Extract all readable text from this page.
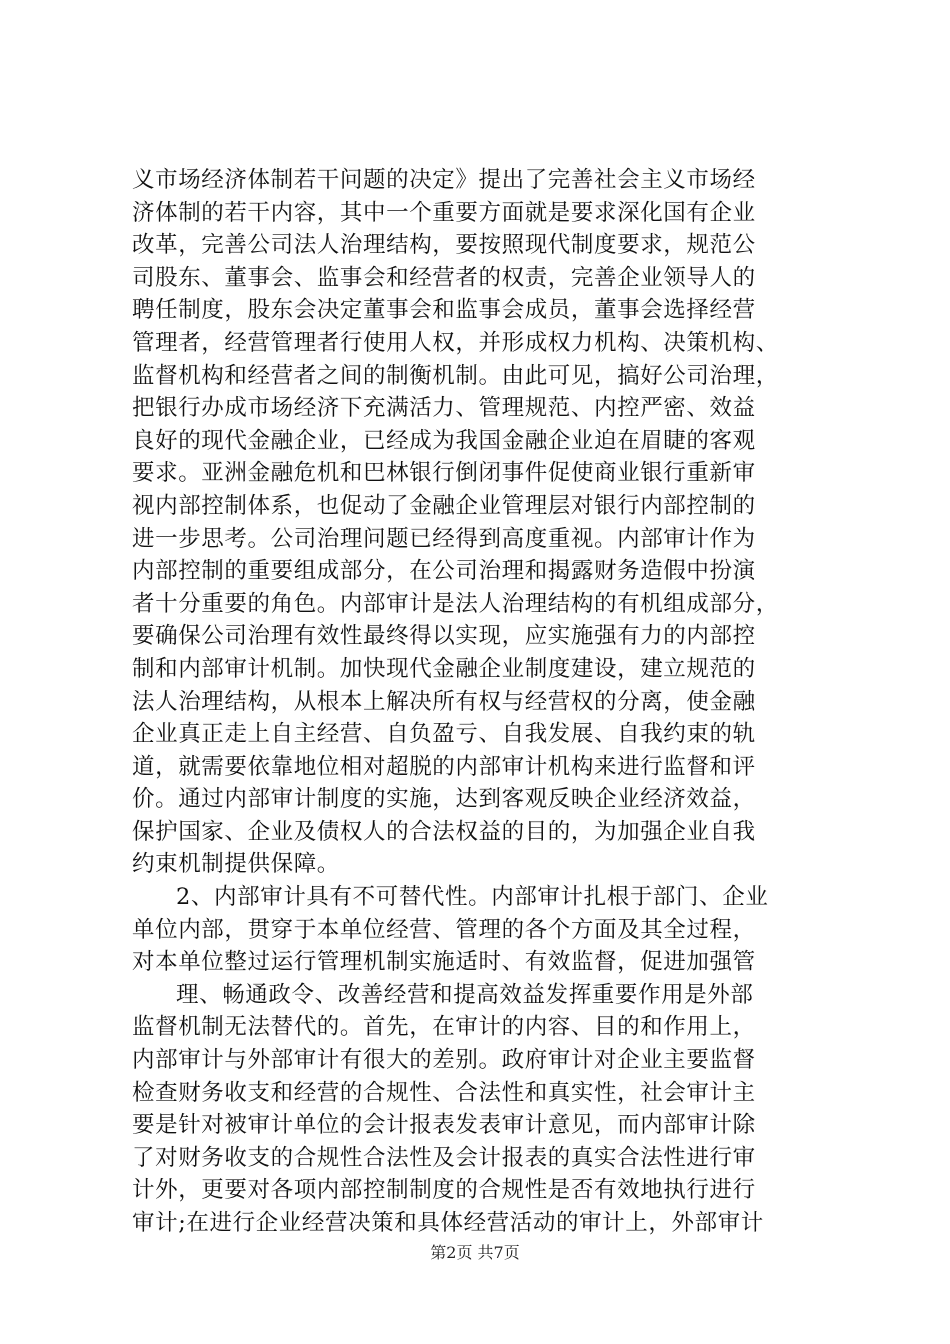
义市场经济体制若干问题的决定》提出了完善社会主义市场经
济体制的若干内容，其中一个重要方面就是要求深化国有企业
改革，完善公司法人治理结构，要按照现代制度要求，规范公
司股东、董事会、监事会和经营者的权责，完善企业领导人的
聘任制度，股东会决定董事会和监事会成员，董事会选择经营
管理者，经营管理者行使用人权，并形成权力机构、决策机构、
监督机构和经营者之间的制衡机制。由此可见，搞好公司治理，
把银行办成市场经济下充满活力、管理规范、内控严密、效益
良好的现代金融企业，已经成为我国金融企业迫在眉睫的客观
要求。亚洲金融危机和巴林银行倒闭事件促使商业银行重新审
视内部控制体系，也促动了金融企业管理层对银行内部控制的
进一步思考。公司治理问题已经得到高度重视。内部审计作为
内部控制的重要组成部分，在公司治理和揭露财务造假中扮演
者十分重要的角色。内部审计是法人治理结构的有机组成部分，
要确保公司治理有效性最终得以实现，应实施强有力的内部控
制和内部审计机制。加快现代金融企业制度建设，建立规范的
法人治理结构，从根本上解决所有权与经营权的分离，使金融
企业真正走上自主经营、自负盈亏、自我发展、自我约束的轨
道，就需要依靠地位相对超脱的内部审计机构来进行监督和评
价。通过内部审计制度的实施，达到客观反映企业经济效益，
保护国家、企业及债权人的合法权益的目的，为加强企业自我
约束机制提供保障。
2、内部审计具有不可替代性。内部审计扎根于部门、企业
单位内部，贯穿于本单位经营、管理的各个方面及其全过程，
对本单位整过运行管理机制实施适时、有效监督，促进加强管
理、畅通政令、改善经营和提高效益发挥重要作用是外部
监督机制无法替代的。首先，在审计的内容、目的和作用上，
内部审计与外部审计有很大的差别。政府审计对企业主要监督
检查财务收支和经营的合规性、合法性和真实性，社会审计主
要是针对被审计单位的会计报表发表审计意见，而内部审计除
了对财务收支的合规性合法性及会计报表的真实合法性进行审
计外，更要对各项内部控制制度的合规性是否有效地执行进行
审计;在进行企业经营决策和具体经营活动的审计上，外部审计
第2页 共7页
